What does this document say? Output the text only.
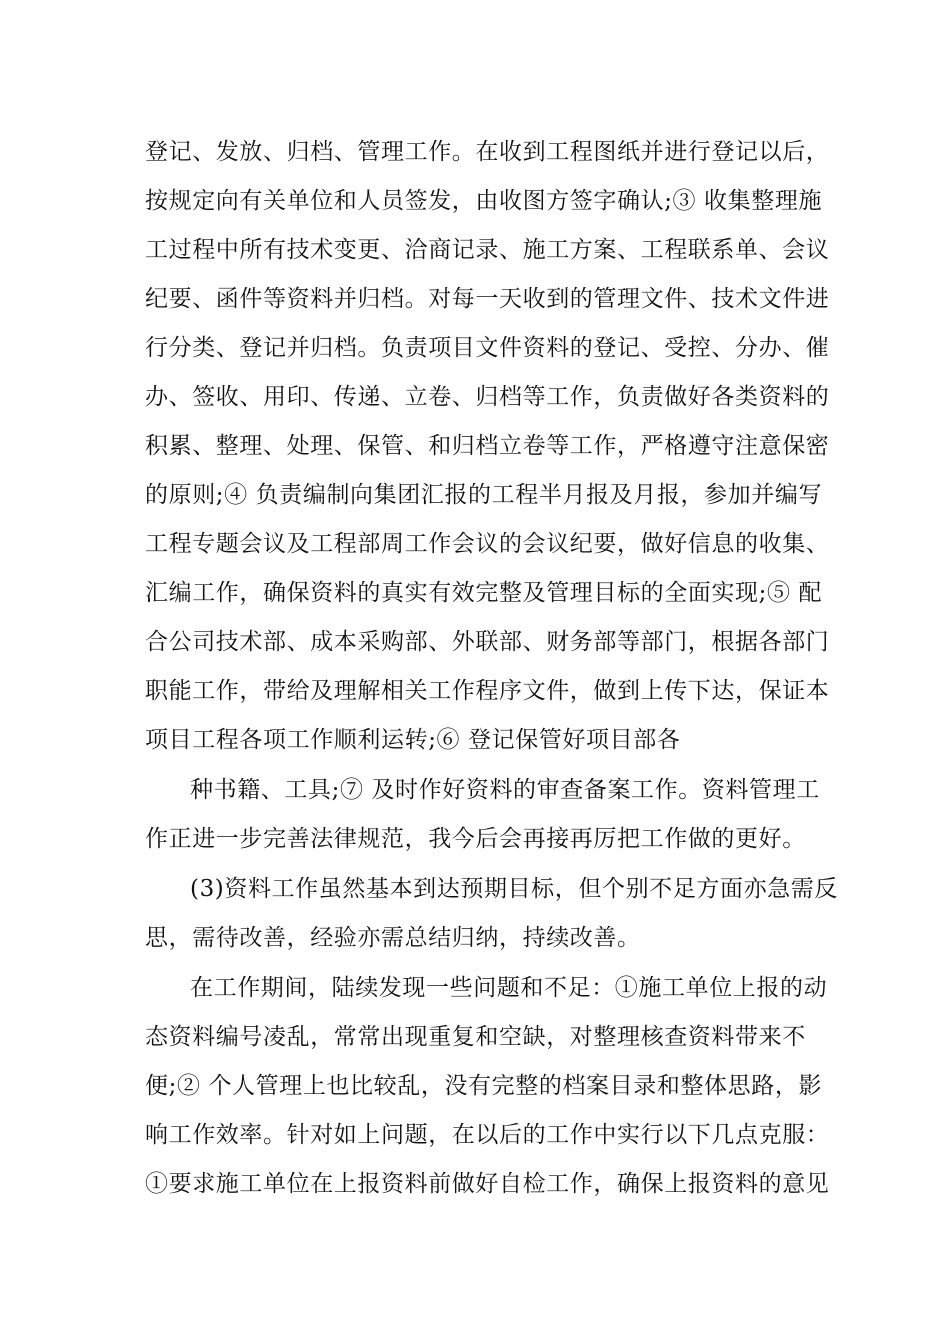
登记、发放、归档、管理工作。在收到工程图纸并进行登记以后，
按规定向有关单位和人员签发，由收图方签字确认;③ 收集整理施
工过程中所有技术变更、洽商记录、施工方案、工程联系单、会议
纪要、函件等资料并归档。对每一天收到的管理文件、技术文件进
行分类、登记并归档。负责项目文件资料的登记、受控、分办、催
办、签收、用印、传递、立卷、归档等工作，负责做好各类资料的
积累、整理、处理、保管、和归档立卷等工作，严格遵守注意保密
的原则;④ 负责编制向集团汇报的工程半月报及月报，参加并编写
工程专题会议及工程部周工作会议的会议纪要，做好信息的收集、
汇编工作，确保资料的真实有效完整及管理目标的全面实现;⑤ 配
合公司技术部、成本采购部、外联部、财务部等部门，根据各部门
职能工作，带给及理解相关工作程序文件，做到上传下达，保证本
项目工程各项工作顺利运转;⑥ 登记保管好项目部各
种书籍、工具;⑦ 及时作好资料的审查备案工作。资料管理工
作正进一步完善法律规范，我今后会再接再厉把工作做的更好。
(3)资料工作虽然基本到达预期目标，但个别不足方面亦急需反
思，需待改善，经验亦需总结归纳，持续改善。
在工作期间，陆续发现一些问题和不足：①施工单位上报的动
态资料编号凌乱，常常出现重复和空缺，对整理核查资料带来不
便;② 个人管理上也比较乱，没有完整的档案目录和整体思路，影
响工作效率。针对如上问题，在以后的工作中实行以下几点克服：
①要求施工单位在上报资料前做好自检工作，确保上报资料的意见
